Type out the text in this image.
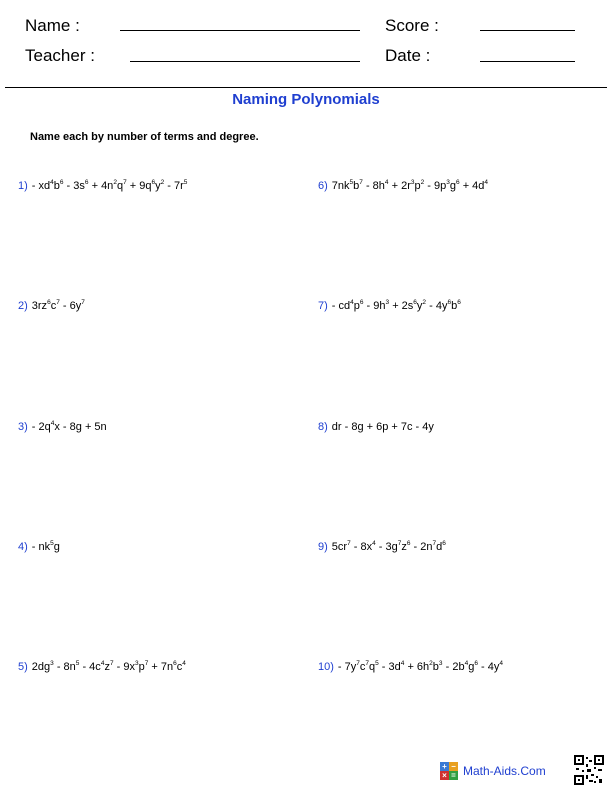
Name :	Score :
Teacher :	Date :
Naming Polynomials
Name each by number of terms and degree.
$1) - xd^4b^6 - 3s^6 + 4n^2q^7 + 9q^6y^2 - 7r^5$
2) $3rz^6c^7 - 6y^7$
$3) - 2q^4x - 8g + 5n$
$4) - nk^5g$
5) $2dg^3 - 8n^5 - 4c^4z^7 - 9x^3p^7 + 7n^6c^4$
6) $7nk^5b^7 - 8h^4 + 2r^3p^2 - 9p^3g^6 + 4d^4$
$7) - cd^4p^6 - 9h^3 + 2s^6y^2 - 4y^6b^6$
8) dr - 8g + 6p + 7c - 4y
9) $5cr^7 - 8x^4 - 3g^7z^6 - 2n^7d^6$
$10) - 7y^7c^7q^5 - 3d^4 + 6h^2b^3 - 2b^4g^6 - 4y^4$
+ −
× = Math-Aids.Com
